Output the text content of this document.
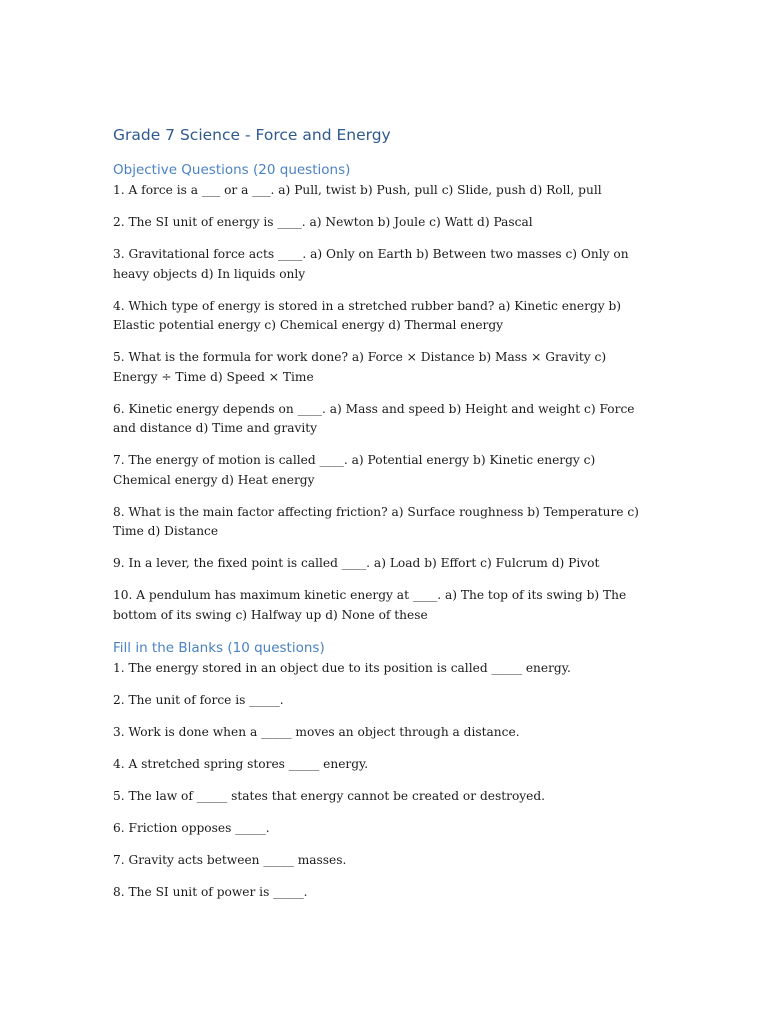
Grade 7 Science - Force and Energy
Objective Questions (20 questions)

1. A force is a ___ or a ___. a) Pull, twist b) Push, pull c) Slide, push d) Roll, pull

2. The SI unit of energy is ____. a) Newton b) Joule c) Watt d) Pascal

3. Gravitational force acts ____. a) Only on Earth b) Between two masses c) Only on heavy objects d) In liquids only

4. Which type of energy is stored in a stretched rubber band? a) Kinetic energy b) Elastic potential energy c) Chemical energy d) Thermal energy

5. What is the formula for work done? a) Force × Distance b) Mass × Gravity c) Energy ÷ Time d) Speed × Time

6. Kinetic energy depends on ____. a) Mass and speed b) Height and weight c) Force and distance d) Time and gravity

7. The energy of motion is called ____. a) Potential energy b) Kinetic energy c) Chemical energy d) Heat energy

8. What is the main factor affecting friction? a) Surface roughness b) Temperature c) Time d) Distance

9. In a lever, the fixed point is called ____. a) Load b) Effort c) Fulcrum d) Pivot

10. A pendulum has maximum kinetic energy at ____. a) The top of its swing b) The bottom of its swing c) Halfway up d) None of these

Fill in the Blanks (10 questions)

1. The energy stored in an object due to its position is called _____ energy.

2. The unit of force is _____.

3. Work is done when a _____ moves an object through a distance.

4. A stretched spring stores _____ energy.

5. The law of _____ states that energy cannot be created or destroyed.

6. Friction opposes _____.

7. Gravity acts between _____ masses.

8. The SI unit of power is _____.
